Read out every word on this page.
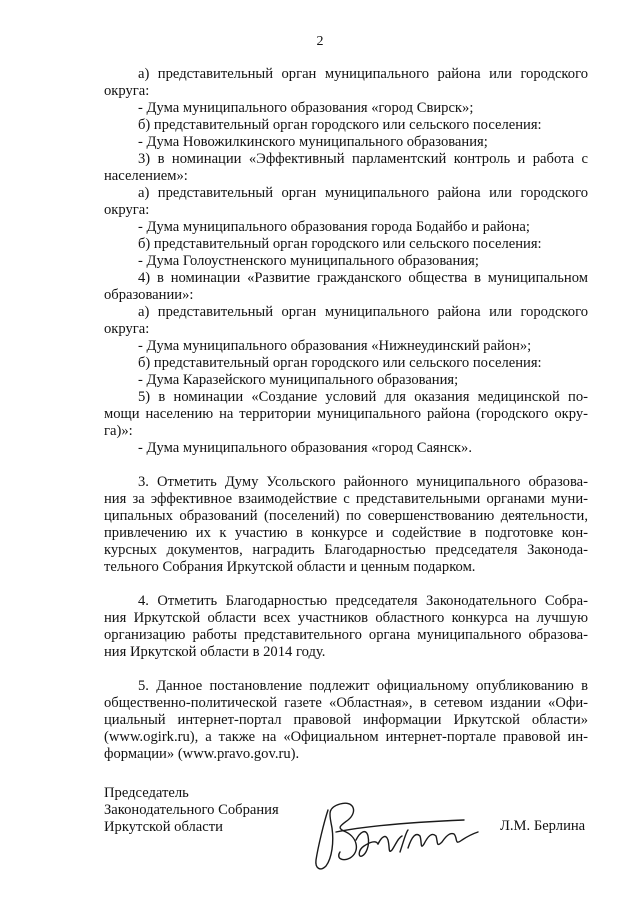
2
а) представительный орган муниципального района или городского
округа:
- Дума муниципального образования «город Свирск»;
б) представительный орган городского или сельского поселения:
- Дума Новожилкинского муниципального образования;
3) в номинации «Эффективный парламентский контроль и работа с
населением»:
а) представительный орган муниципального района или городского
округа:
- Дума муниципального образования города Бодайбо и района;
б) представительный орган городского или сельского поселения:
- Дума Голоустненского муниципального образования;
4) в номинации «Развитие гражданского общества в муниципальном
образовании»:
а) представительный орган муниципального района или городского
округа:
- Дума муниципального образования «Нижнеудинский район»;
б) представительный орган городского или сельского поселения:
- Дума Каразейского муниципального образования;
5) в номинации «Создание условий для оказания медицинской по-
мощи населению на территории муниципального района (городского окру-
га)»:
- Дума муниципального образования «город Саянск».
3. Отметить Думу Усольского районного муниципального образова-
ния за эффективное взаимодействие с представительными органами муни-
ципальных образований (поселений) по совершенствованию деятельности,
привлечению их к участию в конкурсе и содействие в подготовке кон-
курсных документов, наградить Благодарностью председателя Законода-
тельного Собрания Иркутской области и ценным подарком.
4. Отметить Благодарностью председателя Законодательного Собра-
ния Иркутской области всех участников областного конкурса на лучшую
организацию работы представительного органа муниципального образова-
ния Иркутской области в 2014 году.
5. Данное постановление подлежит официальному опубликованию в
общественно-политической газете «Областная», в сетевом издании «Офи-
циальный интернет-портал правовой информации Иркутской области»
(www.ogirk.ru), а также на «Официальном интернет-портале правовой ин-
формации» (www.pravo.gov.ru).
Председатель
Законодательного Собрания
Иркутской области	Л.М. Берлина
